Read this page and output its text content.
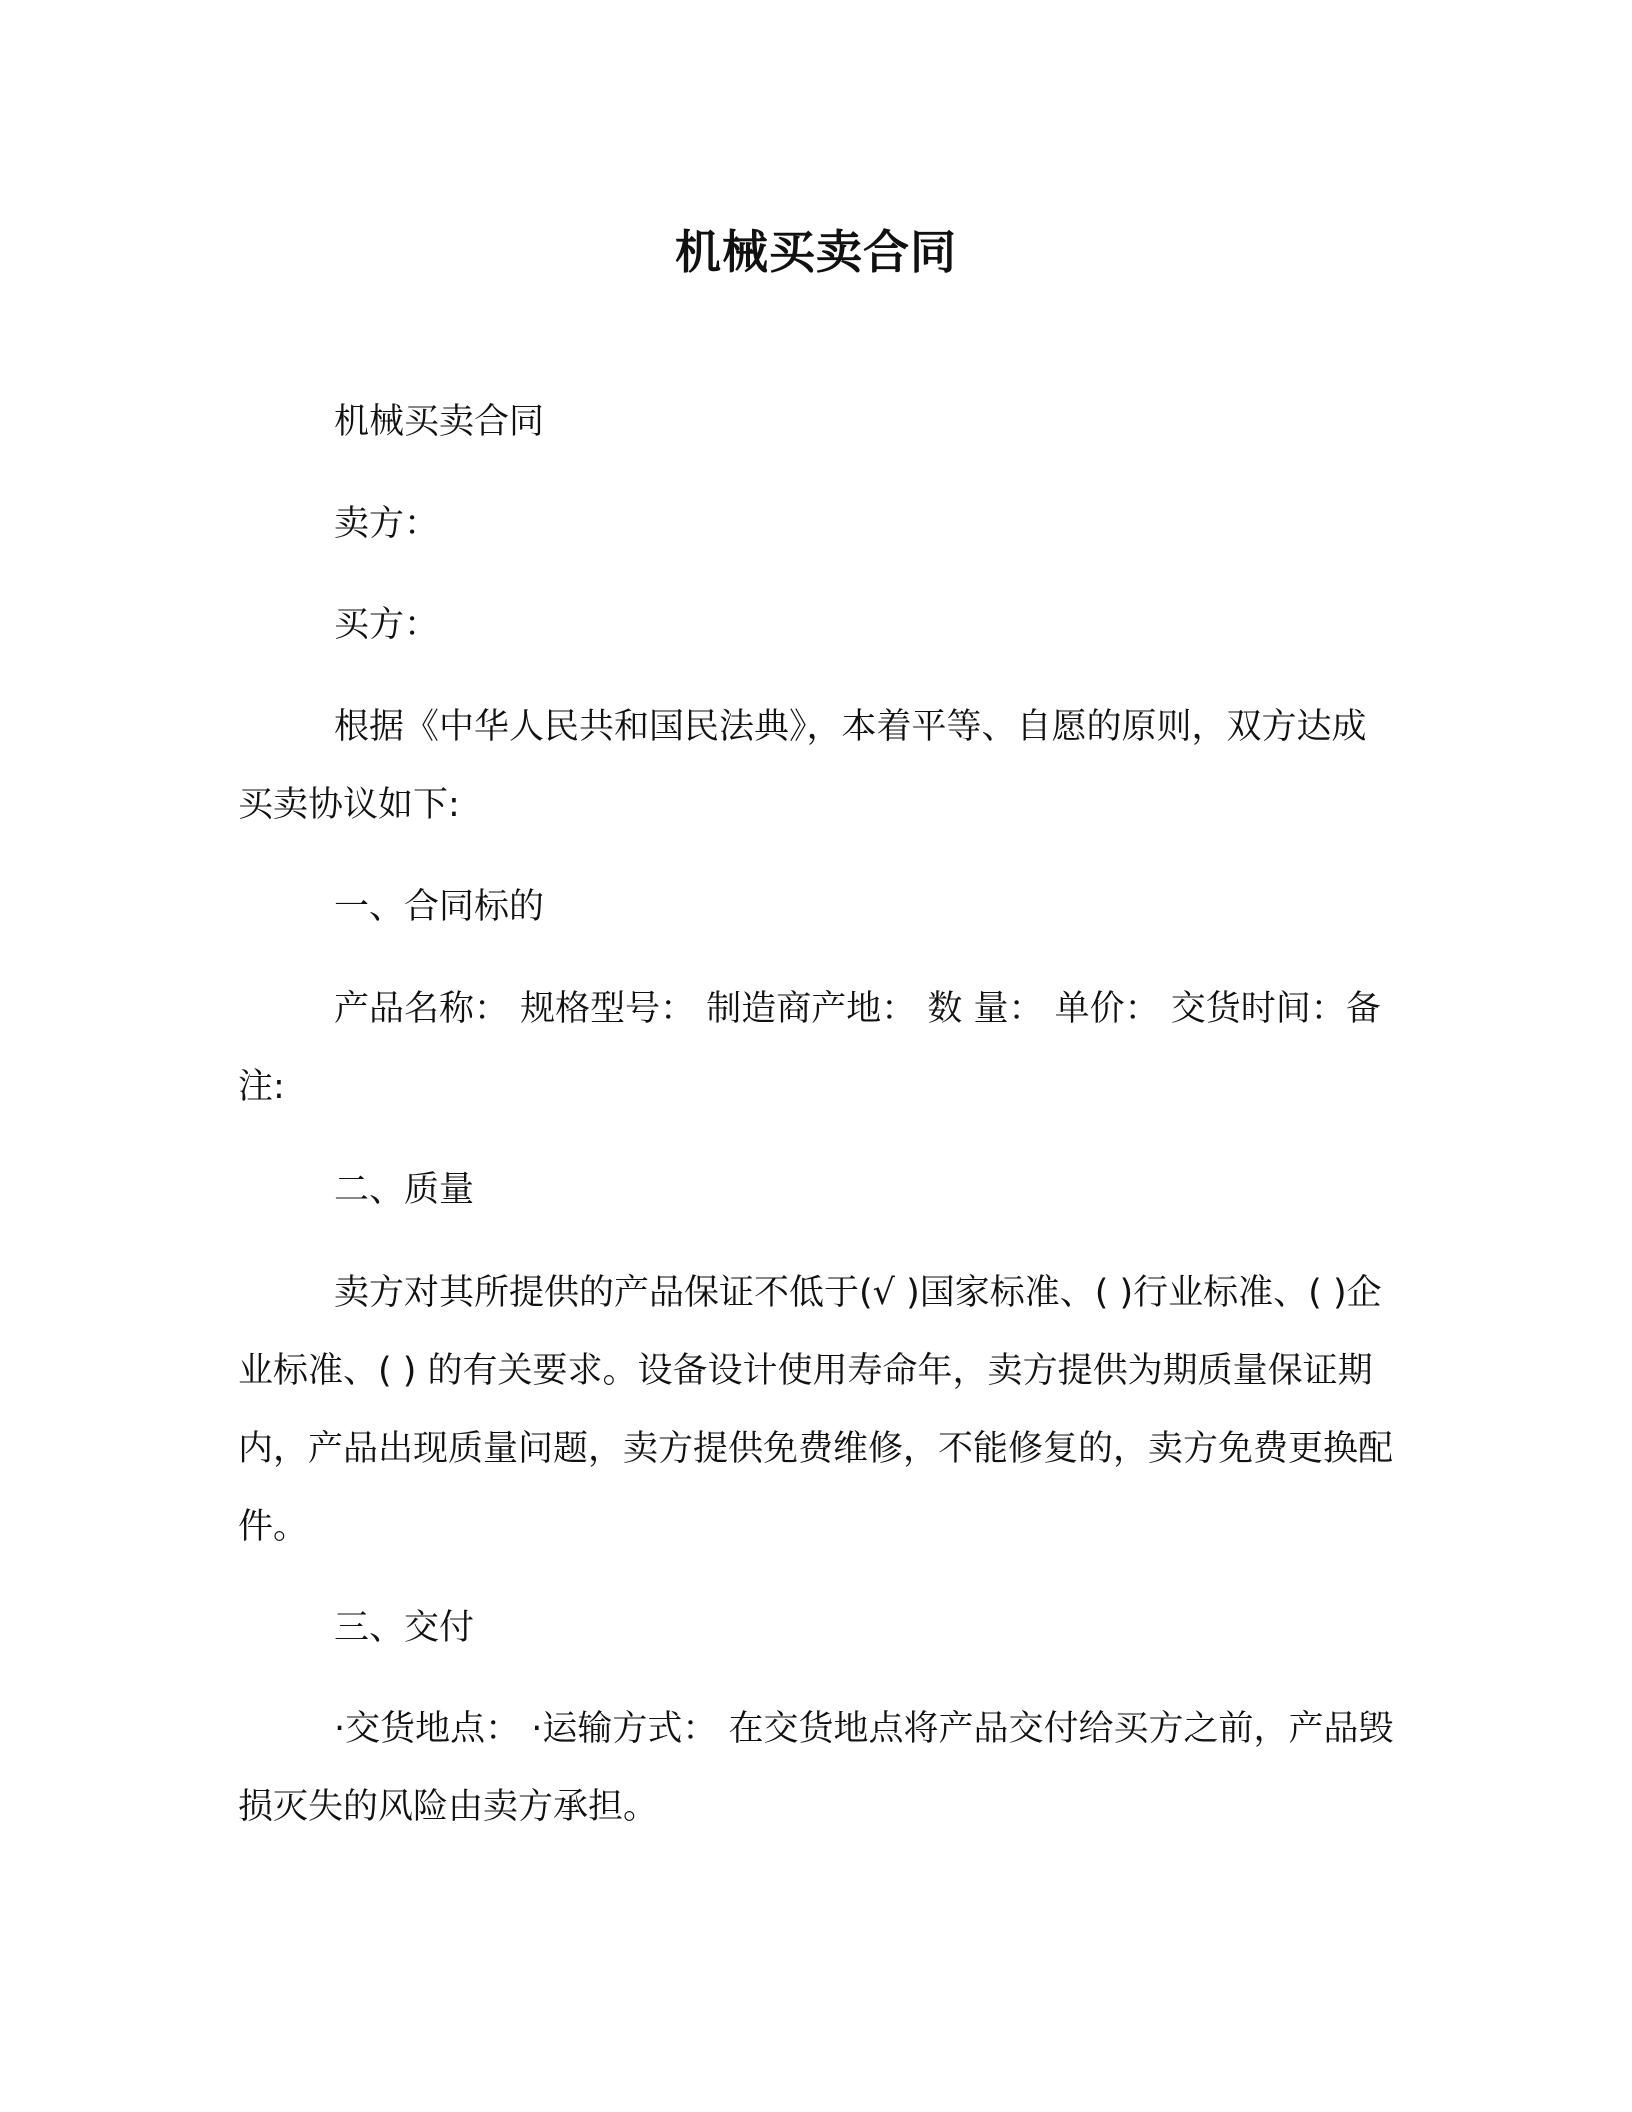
机械买卖合同

机械买卖合同

卖方：

买方：

根据《中华人民共和国民法典》，本着平等、自愿的原则，双方达成买卖协议如下:

一、合同标的

产品名称： 规格型号： 制造商产地： 数 量： 单价： 交货时间：备注:

二、质量

卖方对其所提供的产品保证不低于(√ )国家标准、( )行业标准、( )企业标准、( ) 的有关要求。设备设计使用寿命年，卖方提供为期质量保证期内，产品出现质量问题，卖方提供免费维修，不能修复的，卖方免费更换配件。

三、交付

·交货地点： ·运输方式： 在交货地点将产品交付给买方之前，产品毁损灭失的风险由卖方承担。
